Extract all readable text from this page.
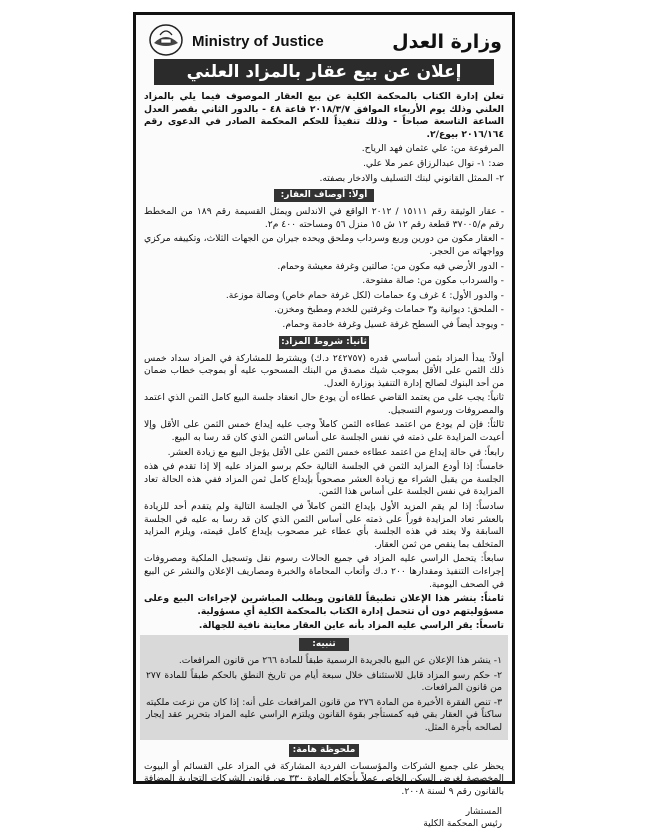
Ministry of Justice	وزارة العدل
إعلان عن بيع عقار بالمزاد العلني

تعلن إدارة الكتاب بالمحكمة الكلية عن بيع العقار الموصوف فيما يلي بالمزاد العلني وذلك يوم الأربعاء الموافق ٢٠١٨/٣/٧ قاعة ٤٨ - بالدور الثاني بقصر العدل الساعة التاسعة صباحاً - وذلك تنفيذاً للحكم المحكمة الصادر في الدعوى رقم ٢٠١٦/١٦٤ بيوع/٢.

المرفوعة من: علي عثمان فهد الرياح.

ضد: ١- نوال عبدالرزاق عمر ملا علي.

٢- الممثل القانوني لبنك التسليف والادخار بصفته.

أولاً: أوصاف العقار:

- عقار الوثيقة رقم ١٥١١١ / ٢٠١٢ الواقع في الاندلس ويمثل القسيمة رقم ١٨٩ من المخطط رقم م/٣٧٠٠٥ قطعة رقم ١٢ ش ١٥ منزل ٥٦ ومساحته ٤٠٠ م٢.

- العقار مكون من دورين وربع وسرداب وملحق ويحده جيران من الجهات الثلاث، وتكييفه مركزي وواجهاته من الحجر.

- الدور الأرضي فيه مكون من: صالتين وغرفة معيشة وحمام.

- والسرداب مكون من: صالة مفتوحة.

- والدور الأول: ٤ غرف و٤ حمامات (لكل غرفة حمام خاص) وصالة موزعة.

- الملحق: ديوانية و٣ حمامات وغرفتين للخدم ومطبخ ومخزن.

- ويوجد أيضاً في السطح غرفة غسيل وغرفة خادمة وحمام.

ثانياً: شروط المزاد:

أولاً: يبدأ المزاد بثمن أساسي قدره (٢٤٢٧٥٧ د.ك) ويشترط للمشاركة في المزاد سداد خمس ذلك الثمن على الأقل بموجب شيك مصدق من البنك المسحوب عليه أو بموجب خطاب ضمان من أحد البنوك لصالح إدارة التنفيذ بوزارة العدل.

ثانياً: يجب على من يعتمد القاضي عطاءه أن يودع حال انعقاد جلسة البيع كامل الثمن الذي اعتمد والمصروفات ورسوم التسجيل.

ثالثاً: فإن لم يودع من اعتمد عطاءه الثمن كاملاً وجب عليه إيداع خمس الثمن على الأقل وإلا أعيدت المزايدة على ذمته في نفس الجلسة على أساس الثمن الذي كان قد رسا به البيع.

رابعاً: في حالة إيداع من اعتمد عطاءه خمس الثمن على الأقل يؤجل البيع مع زيادة العشر.

خامساً: إذا أودع المزايد الثمن في الجلسة التالية حكم برسو المزاد عليه إلا إذا تقدم في هذه الجلسة من يقبل الشراء مع زيادة العشر مصحوباً بإيداع كامل ثمن المزاد ففي هذه الحالة تعاد المزايدة في نفس الجلسة على أساس هذا الثمن.

سادساً: إذا لم يقم المزيد الأول بإيداع الثمن كاملاً في الجلسة التالية ولم يتقدم أحد للزيادة بالعشر تعاد المزايدة فوراً على ذمته على أساس الثمن الذي كان قد رسا به عليه في الجلسة السابقة ولا يعتد في هذه الجلسة بأي عطاء غير مصحوب بإيداع كامل قيمته، ويلزم المزايد المتخلف بما ينقص من ثمن العقار.

سابعاً: يتحمل الراسي عليه المزاد في جميع الحالات رسوم نقل وتسجيل الملكية ومصروفات إجراءات التنفيذ ومقدارها ٢٠٠ د.ك وأتعاب المحاماة والخبرة ومصاريف الإعلان والنشر عن البيع في الصحف اليومية.

ثامناً: ينشر هذا الإعلان تطبيقاً للقانون ويطلب المباشرين لإجراءات البيع وعلى مسؤوليتهم دون أن تتحمل إدارة الكتاب بالمحكمة الكلية أي مسؤولية.

تاسعاً: يقر الراسي عليه المزاد بأنه عاين العقار معاينة نافية للجهالة.

تنبيه:

١- ينشر هذا الإعلان عن البيع بالجريدة الرسمية طبقاً للمادة ٢٦٦ من قانون المرافعات.

٢- حكم رسو المزاد قابل للاستئناف خلال سبعة أيام من تاريخ النطق بالحكم طبقاً للمادة ٢٧٧ من قانون المرافعات.

٣- تنص الفقرة الأخيرة من المادة ٢٧٦ من قانون المرافعات على أنه: إذا كان من نزعت ملكيته ساكناً في العقار بقي فيه كمستأجر بقوة القانون ويلتزم الراسي عليه المزاد بتحرير عقد إيجار لصالحه بأجرة المثل.

ملحوظة هامة:

يحظر على جميع الشركات والمؤسسات الفردية المشاركة في المزاد على القسائم أو البيوت المخصصة لغرض السكن الخاص عملاً بأحكام المادة ٣٣٠ من قانون الشركات التجارية المضافة بالقانون رقم ٩ لسنة ٢٠٠٨.

المستشار
رئيس المحكمة الكلية
